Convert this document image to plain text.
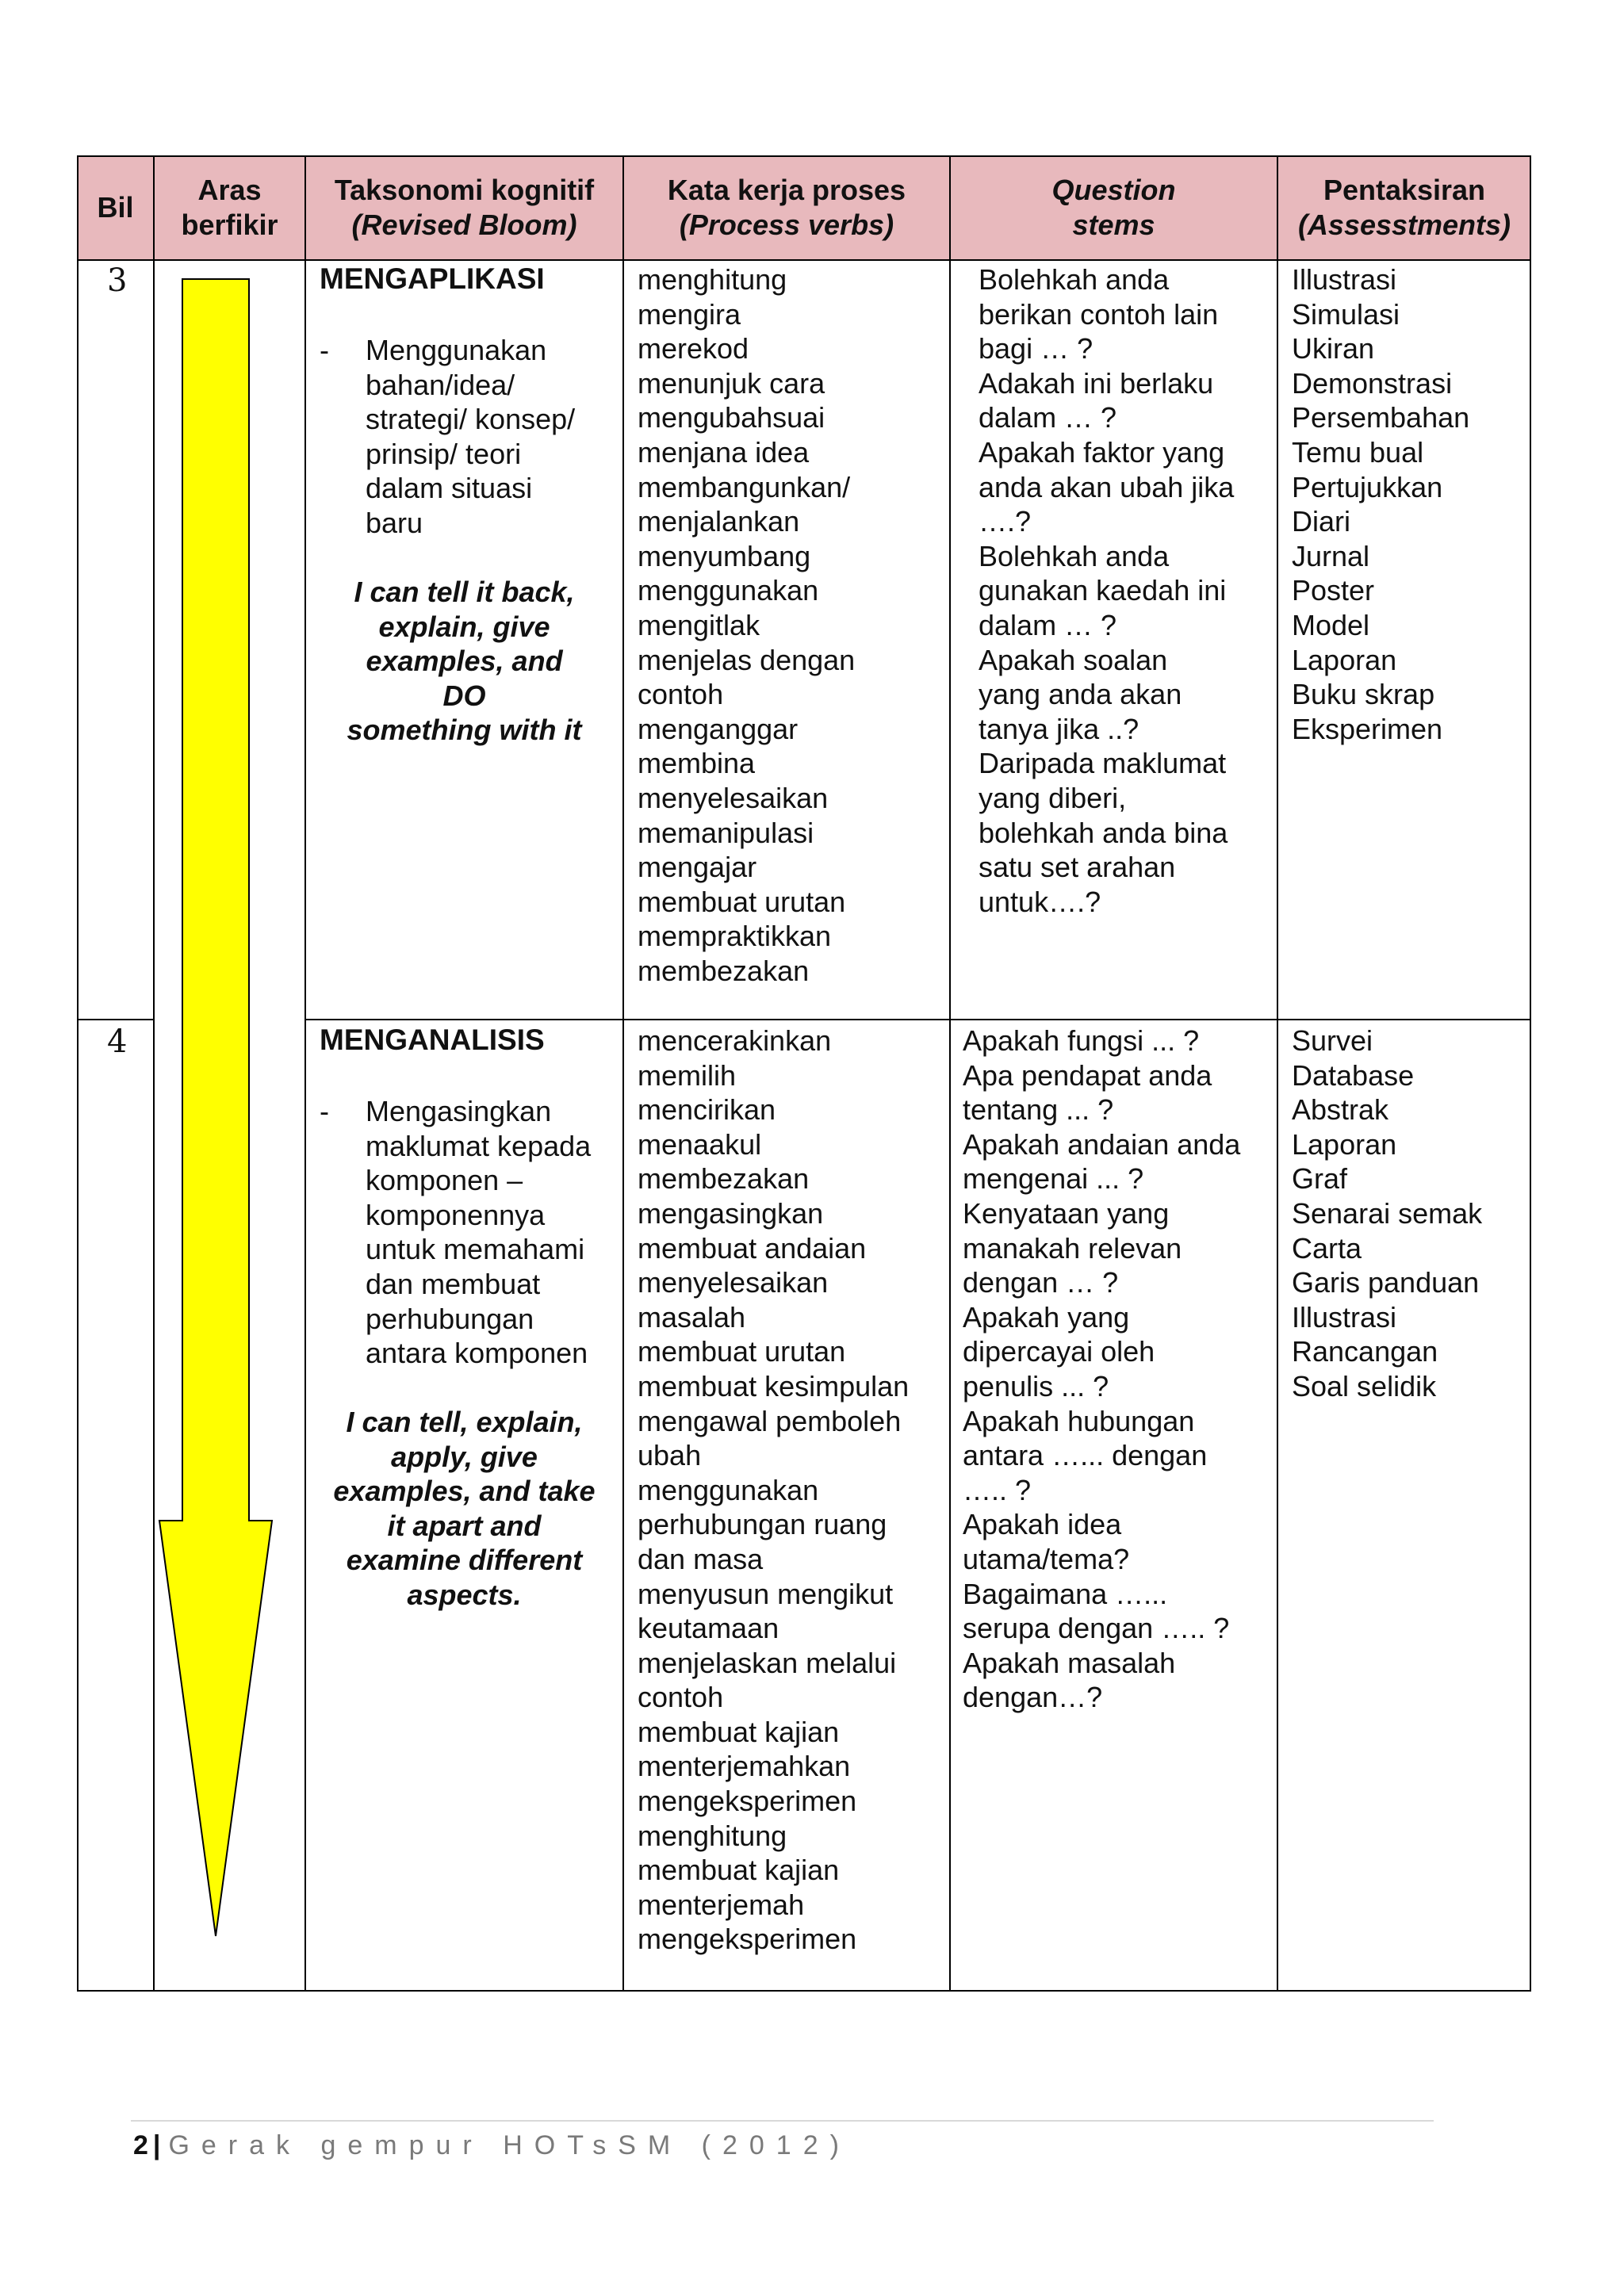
Bil
Aras
berfikir
Taksonomi kognitif
(Revised Bloom)
Kata kerja proses
(Process verbs)
Question
stems
Pentaksiran
(Assesstments)
3	MENGAPLIKASI
- Menggunakan
bahan/idea/
strategi/ konsep/
prinsip/ teori
dalam situasi
baru
I can tell it back,
explain, give
examples, and
DO
something with it
menghitung
mengira
merekod
menunjuk cara
mengubahsuai
menjana idea
membangunkan/
menjalankan
menyumbang
menggunakan
mengitlak
menjelas dengan
contoh
menganggar
membina
menyelesaikan
memanipulasi
mengajar
membuat urutan
mempraktikkan
membezakan
Bolehkah anda
berikan contoh lain
bagi … ?
Adakah ini berlaku
dalam … ?
Apakah faktor yang
anda akan ubah jika
….?
Bolehkah anda
gunakan kaedah ini
dalam … ?
Apakah soalan
yang anda akan
tanya jika ..?
Daripada maklumat
yang diberi,
bolehkah anda bina
satu set arahan
untuk….?
Illustrasi
Simulasi
Ukiran
Demonstrasi
Persembahan
Temu bual
Pertujukkan
Diari
Jurnal
Poster
Model
Laporan
Buku skrap
Eksperimen
4	MENGANALISIS
- Mengasingkan
maklumat kepada
komponen –
komponennya
untuk memahami
dan membuat
perhubungan
antara komponen
I can tell, explain,
apply, give
examples, and take
it apart and
examine different
aspects.
mencerakinkan
memilih
mencirikan
menaakul
membezakan
mengasingkan
membuat andaian
menyelesaikan
masalah
membuat urutan
membuat kesimpulan
mengawal pemboleh
ubah
menggunakan
perhubungan ruang
dan masa
menyusun mengikut
keutamaan
menjelaskan melalui
contoh
membuat kajian
menterjemahkan
mengeksperimen
menghitung
membuat kajian
menterjemah
mengeksperimen
Apakah fungsi ... ?
Apa pendapat anda
tentang ... ?
Apakah andaian anda
mengenai ... ?
Kenyataan yang
manakah relevan
dengan … ?
Apakah yang
dipercayai oleh
penulis ... ?
Apakah hubungan
antara …... dengan
….. ?
Apakah idea
utama/tema?
Bagaimana …...
serupa dengan ….. ?
Apakah masalah
dengan…?
Survei
Database
Abstrak
Laporan
Graf
Senarai semak
Carta
Garis panduan
Illustrasi
Rancangan
Soal selidik
2 | Gerak gempur HOTsSM (2012)
